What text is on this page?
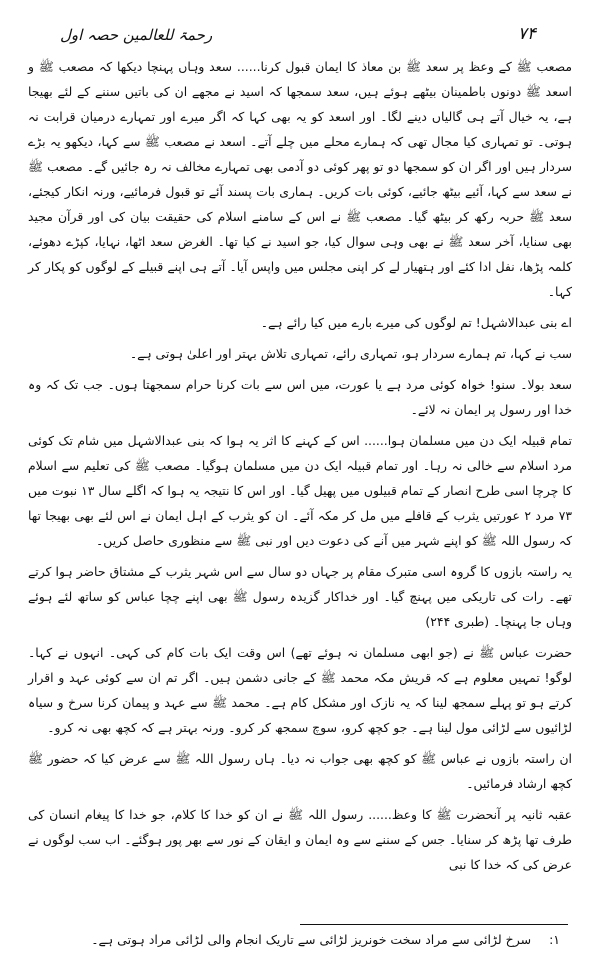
۷۴
رحمۃ للعالمین حصہ اول

مصعب ﷺ کے وعظ پر سعد ﷺ بن معاذ کا ایمان قبول کرنا...... سعد وہاں پہنچا دیکھا کہ مصعب ﷺ و اسعد ﷺ دونوں باطمینان بیٹھے ہوئے ہیں، سعد سمجھا کہ اسید نے مجھے ان کی باتیں سننے کے لئے بھیجا ہے، یہ خیال آتے ہی گالیاں دینے لگا۔ اور اسعد کو یہ بھی کہا کہ اگر میرے اور تمہارے درمیان قرابت نہ ہوتی۔ تو تمہاری کیا مجال تھی کہ ہمارے محلے میں چلے آتے۔ اسعد نے مصعب ﷺ سے کہا، دیکھو یہ بڑے سردار ہیں اور اگر ان کو سمجھا دو تو پھر کوئی دو آدمی بھی تمہارے مخالف نہ رہ جائیں گے۔ مصعب ﷺ نے سعد سے کہا، آئیے بیٹھ جائیے، کوئی بات کریں۔ ہماری بات پسند آئے تو قبول فرمائیے، ورنہ انکار کیجئے، سعد ﷺ حربہ رکھ کر بیٹھ گیا۔ مصعب ﷺ نے اس کے سامنے اسلام کی حقیقت بیان کی اور قرآن مجید بھی سنایا، آخر سعد ﷺ نے بھی وہی سوال کیا، جو اسید نے کیا تھا۔ الغرض سعد اٹھا، نہایا، کپڑے دھوئے، کلمہ پڑھا، نفل ادا کئے اور ہتھیار لے کر اپنی مجلس میں واپس آیا۔ آتے ہی اپنے قبیلے کے لوگوں کو پکار کر کہا۔

اے بنی عبدالاشہل! تم لوگوں کی میرے بارے میں کیا رائے ہے۔

سب نے کہا، تم ہمارے سردار ہو، تمہاری رائے، تمہاری تلاش بہتر اور اعلیٰ ہوتی ہے۔

سعد بولا۔ سنو! خواہ کوئی مرد ہے یا عورت، میں اس سے بات کرنا حرام سمجھتا ہوں۔ جب تک کہ وہ خدا اور رسول پر ایمان نہ لائے۔

تمام قبیلہ ایک دن میں مسلمان ہوا...... اس کے کہنے کا اثر یہ ہوا کہ بنی عبدالاشہل میں شام تک کوئی مرد اسلام سے خالی نہ رہا۔ اور تمام قبیلہ ایک دن میں مسلمان ہوگیا۔ مصعب ﷺ کی تعلیم سے اسلام کا چرچا اسی طرح انصار کے تمام قبیلوں میں پھیل گیا۔ اور اس کا نتیجہ یہ ہوا کہ اگلے سال ۱۳ نبوت میں ۷۳ مرد ۲ عورتیں یثرب کے قافلے میں مل کر مکہ آئے۔ ان کو یثرب کے اہل ایمان نے اس لئے بھی بھیجا تھا کہ رسول اللہ ﷺ کو اپنے شہر میں آنے کی دعوت دیں اور نبی ﷺ سے منظوری حاصل کریں۔

یہ راستہ بازوں کا گروہ اسی متبرک مقام پر جہاں دو سال سے اس شہر یثرب کے مشتاق حاضر ہوا کرتے تھے۔ رات کی تاریکی میں پہنچ گیا۔ اور خداکار گزیدہ رسول ﷺ بھی اپنے چچا عباس کو ساتھ لئے ہوئے وہاں جا پہنچا۔ (طبری ۲۴۴)

حضرت عباس ﷺ نے (جو ابھی مسلمان نہ ہوئے تھے) اس وقت ایک بات کام کی کہی۔ انہوں نے کہا۔ لوگو! تمہیں معلوم ہے کہ قریش مکہ محمد ﷺ کے جانی دشمن ہیں۔ اگر تم ان سے کوئی عہد و اقرار کرتے ہو تو پہلے سمجھ لینا کہ یہ نازک اور مشکل کام ہے۔ محمد ﷺ سے عہد و پیمان کرنا سرخ و سیاہ لڑائیوں سے لڑائی مول لینا ہے۔ جو کچھ کرو، سوچ سمجھ کر کرو۔ ورنہ بہتر ہے کہ کچھ بھی نہ کرو۔

ان راستہ بازوں نے عباس ﷺ کو کچھ بھی جواب نہ دیا۔ ہاں رسول اللہ ﷺ سے عرض کیا کہ حضور ﷺ کچھ ارشاد فرمائیں۔

عقبہ ثانیہ پر آنحضرت ﷺ کا وعظ...... رسول اللہ ﷺ نے ان کو خدا کا کلام، جو خدا کا پیغام انسان کی طرف تھا پڑھ کر سنایا۔ جس کے سننے سے وہ ایمان و ایقان کے نور سے بھر پور ہوگئے۔ اب سب لوگوں نے عرض کی کہ خدا کا نبی

۱: سرخ لڑائی سے مراد سخت خونریز لڑائی سے تاریک انجام والی لڑائی مراد ہوتی ہے۔
